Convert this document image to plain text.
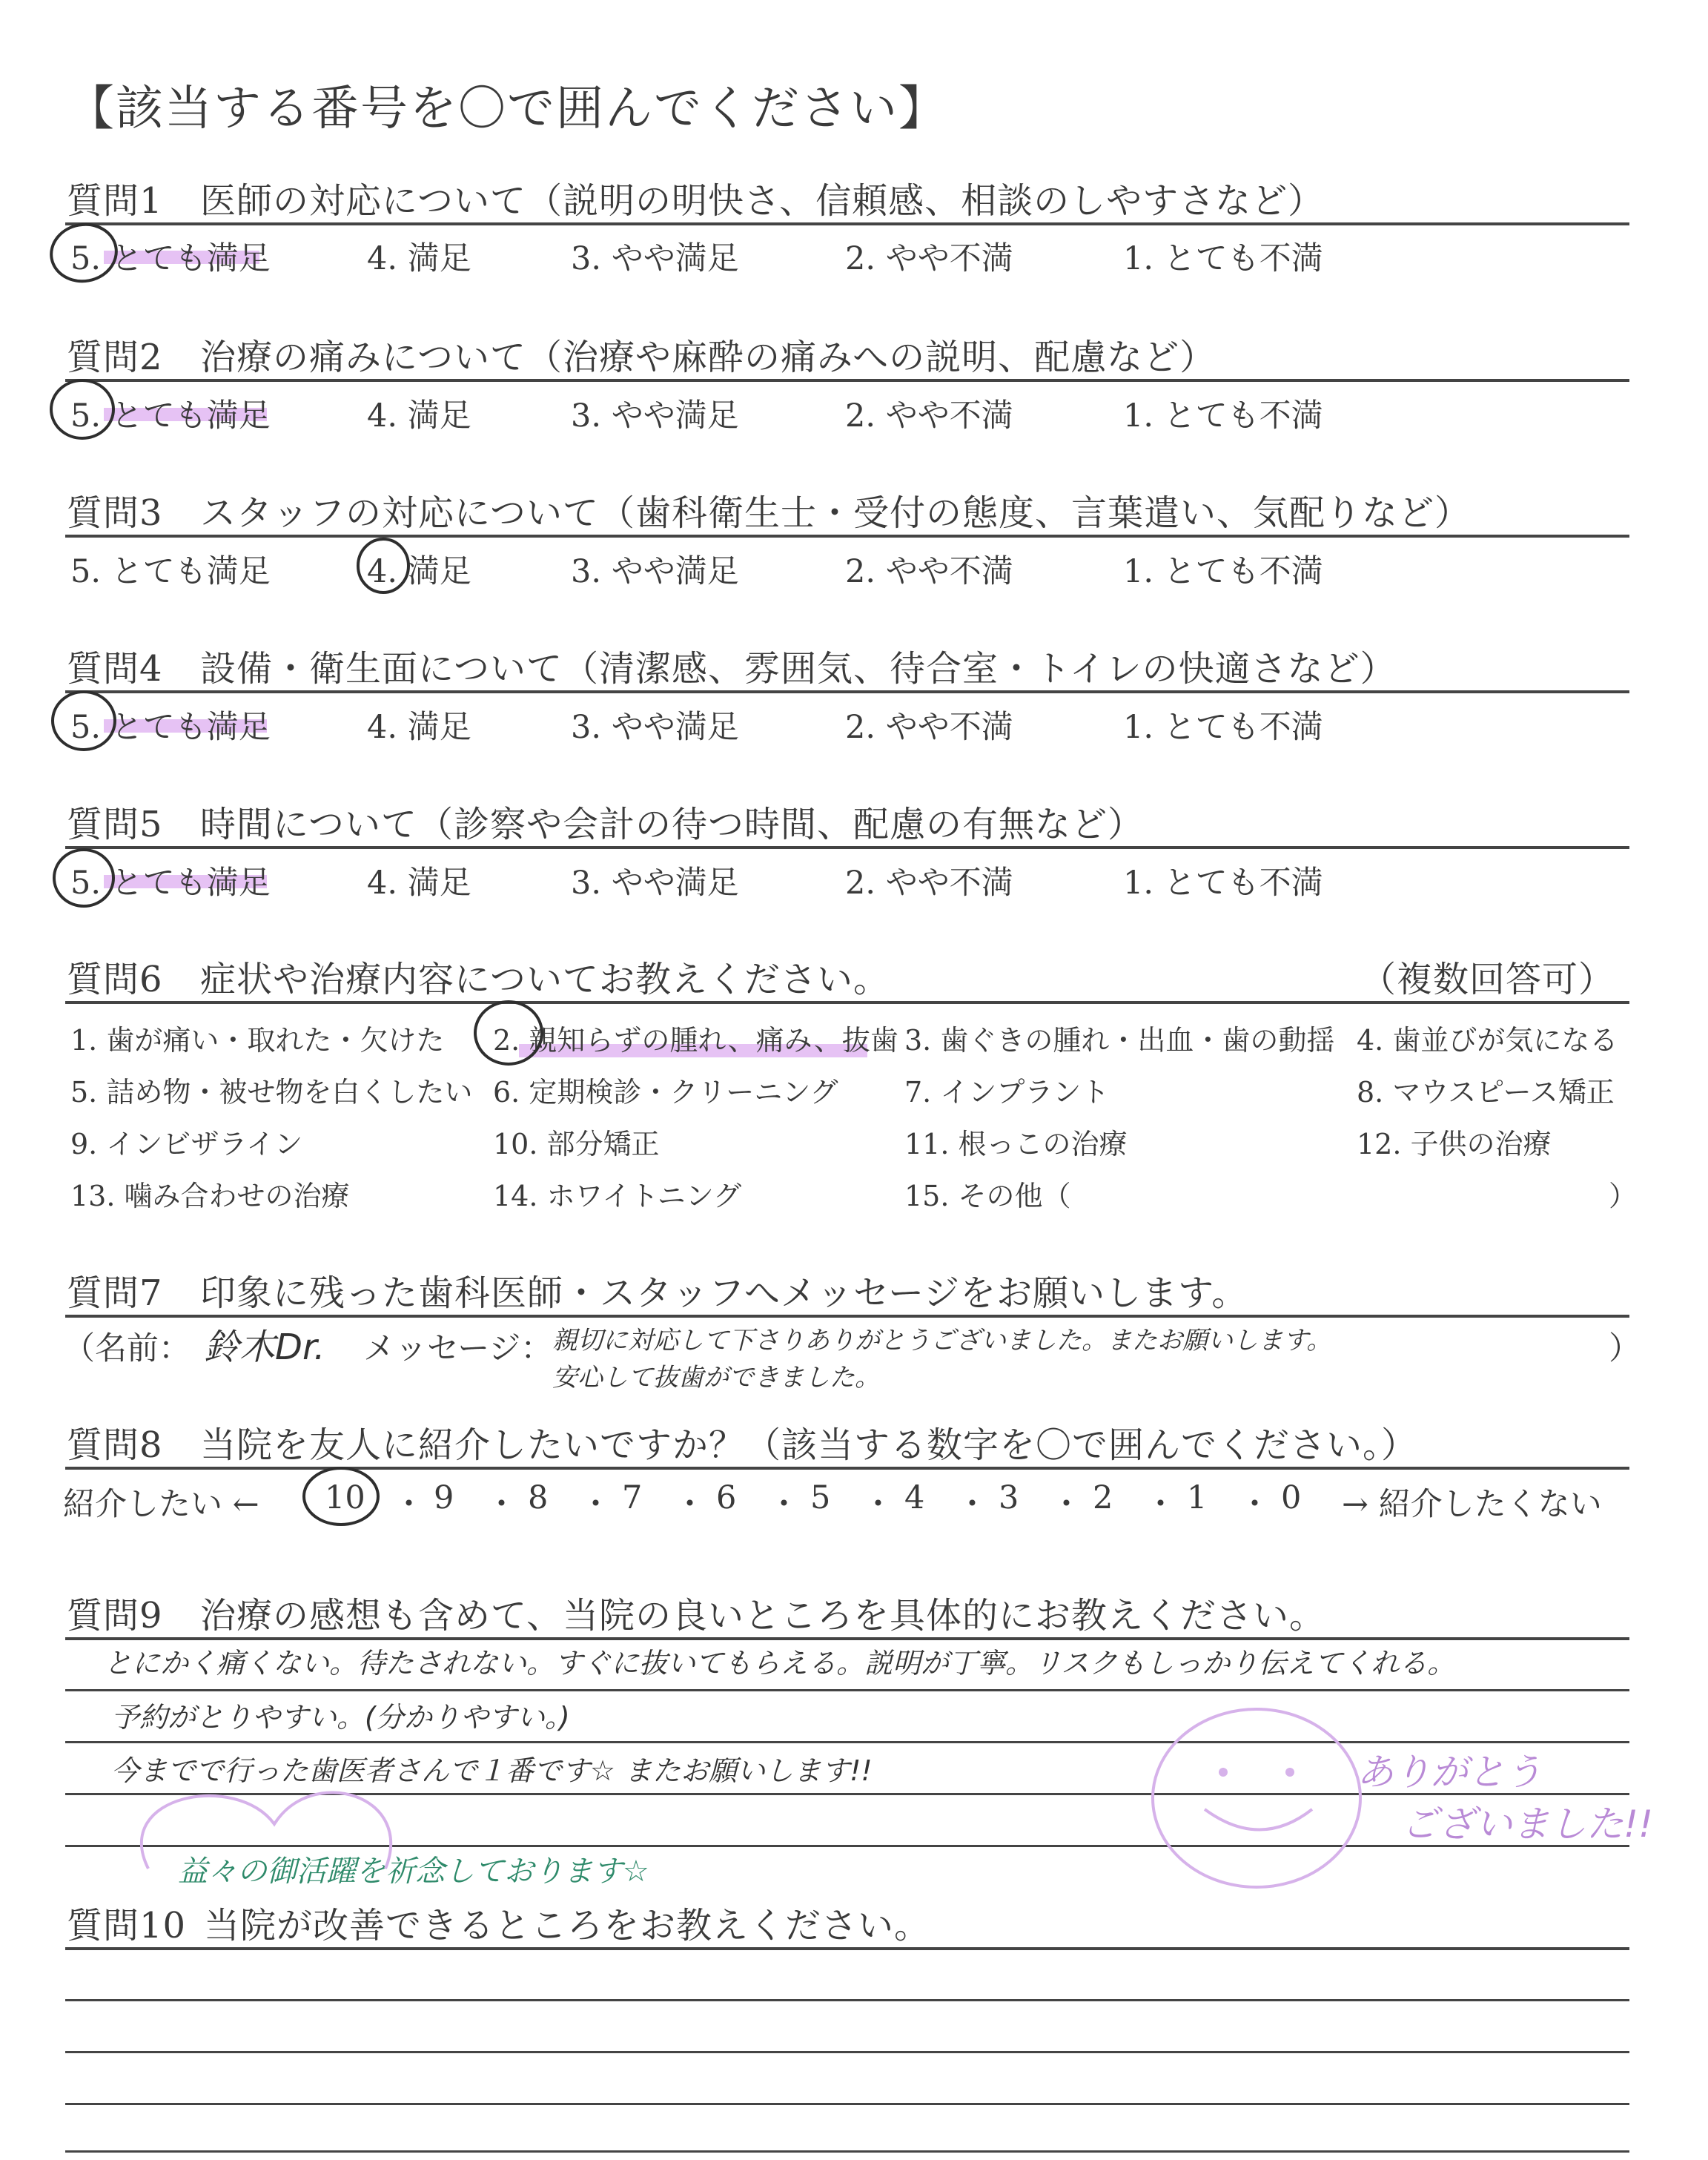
【該当する番号を〇で囲んでください】
質問1 医師の対応について（説明の明快さ、信頼感、相談のしやすさなど）
5. とても満足	4. 満足	3. やや満足	2. やや不満	1. とても不満
質問2 治療の痛みについて（治療や麻酔の痛みへの説明、配慮など）
5. とても満足	4. 満足	3. やや満足	2. やや不満	1. とても不満
質問3 スタッフの対応について（歯科衛生士・受付の態度、言葉遣い、気配りなど）
5. とても満足	4. 満足	3. やや満足	2. やや不満	1. とても不満
質問4 設備・衛生面について（清潔感、雰囲気、待合室・トイレの快適さなど）
5. とても満足	4. 満足	3. やや満足	2. やや不満	1. とても不満
質問5 時間について（診察や会計の待つ時間、配慮の有無など）
5. とても満足	4. 満足	3. やや満足	2. やや不満	1. とても不満
質問6 症状や治療内容についてお教えください。	（複数回答可）
1. 歯が痛い・取れた・欠けた 2. 親知らずの腫れ、痛み、抜歯 3. 歯ぐきの腫れ・出血・歯の動揺 4. 歯並びが気になる
5. 詰め物・被せ物を白くしたい 6. 定期検診・クリーニング 7. インプラント	8. マウスピース矯正
9. インビザライン	10. 部分矯正	11. 根っこの治療	12. 子供の治療
13. 噛み合わせの治療	14. ホワイトニング	15. その他（	）
質問7 印象に残った歯科医師・スタッフへメッセージをお願いします。
（名前： 鈴木Dr. メッセージ： 親切に対応して下さりありがとうございました。またお願いします。
安心して抜歯ができました。
）
質問8 当院を友人に紹介したいですか？（該当する数字を〇で囲んでください。）
紹介したい ← 10 ・ 9 ・ 8 ・ 7 ・ 6 ・ 5 ・ 4 ・ 3 ・ 2 ・ 1 ・ 0 → 紹介したくない
質問9 治療の感想も含めて、当院の良いところを具体的にお教えください。
とにかく痛くない。待たされない。すぐに抜いてもらえる。説明が丁寧。リスクもしっかり伝えてくれる。
予約がとりやすい。(分かりやすい。)
今までで行った歯医者さんで１番です☆ またお願いします!!
益々の御活躍を祈念しております☆
ありがとう
ございました!!
質問10 当院が改善できるところをお教えください。
